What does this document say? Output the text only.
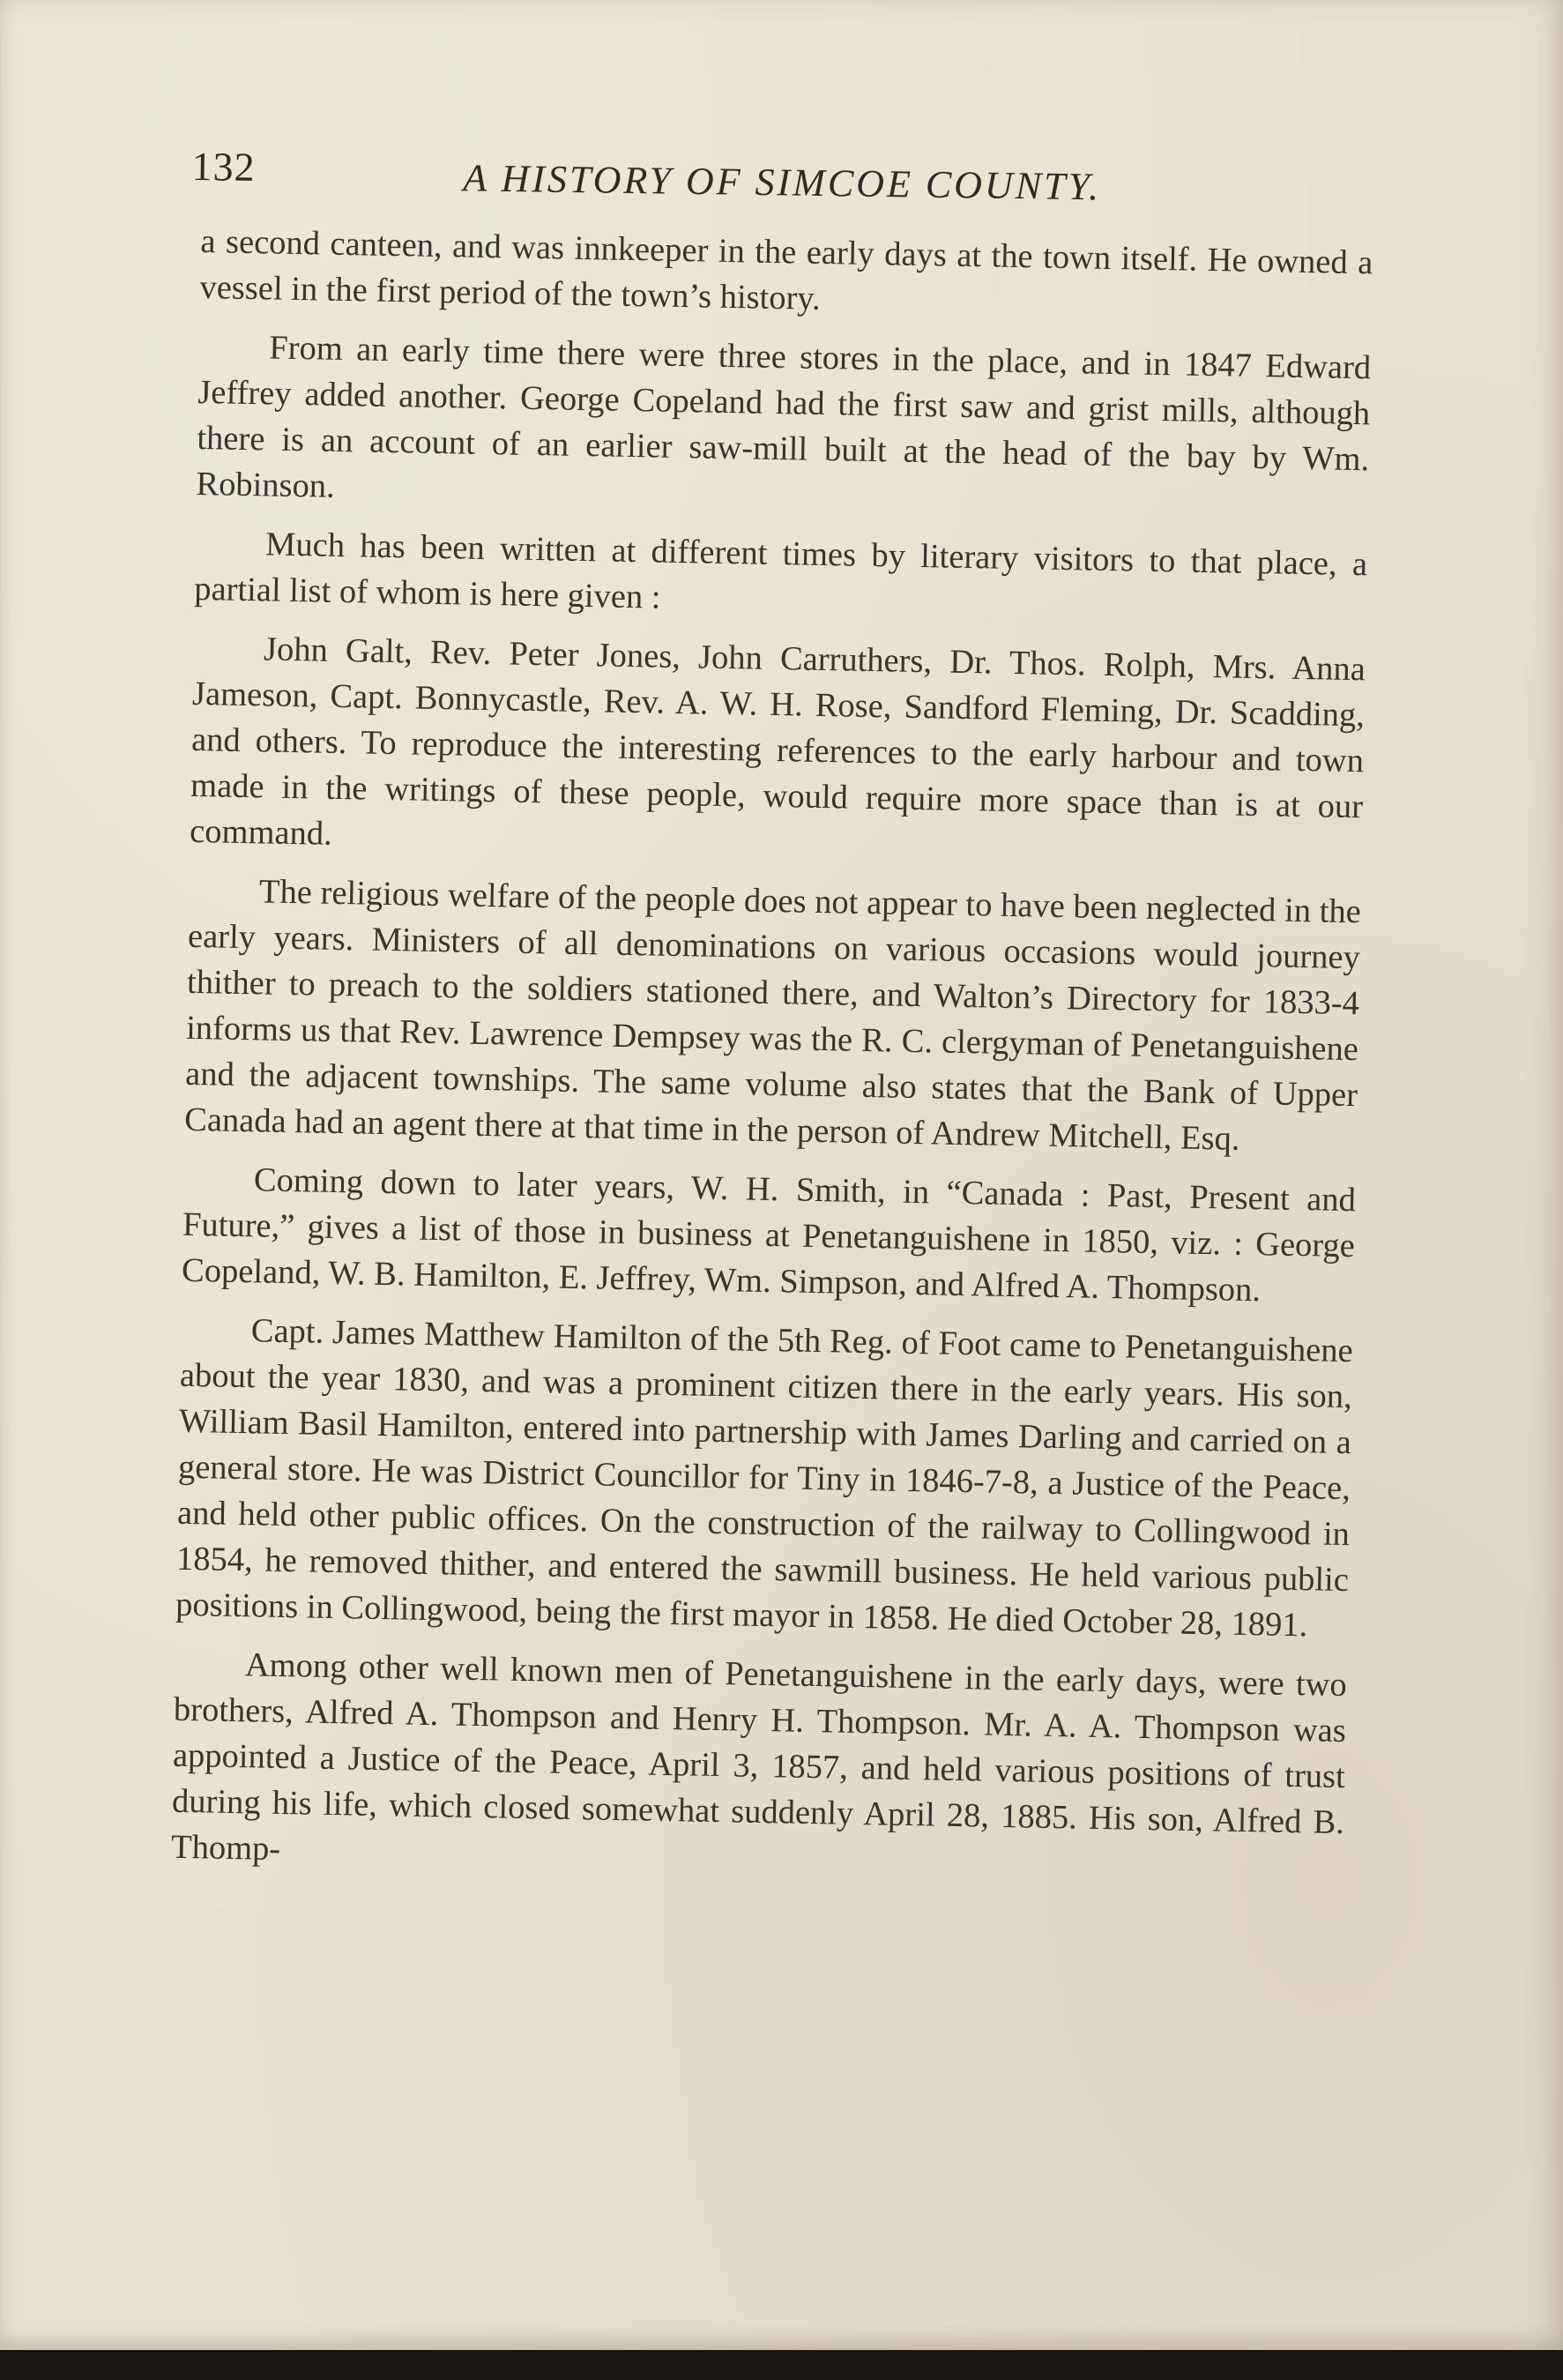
132	A HISTORY OF SIMCOE COUNTY.

a second canteen, and was innkeeper in the early days at the town itself. He owned a vessel in the first period of the town’s history.

From an early time there were three stores in the place, and in 1847 Edward Jeffrey added another. George Copeland had the first saw and grist mills, although there is an account of an earlier saw-mill built at the head of the bay by Wm. Robinson.

Much has been written at different times by literary visitors to that place, a partial list of whom is here given :

John Galt, Rev. Peter Jones, John Carruthers, Dr. Thos. Rolph, Mrs. Anna Jameson, Capt. Bonnycastle, Rev. A. W. H. Rose, Sandford Fleming, Dr. Scadding, and others. To reproduce the interesting references to the early harbour and town made in the writings of these people, would require more space than is at our command.

The religious welfare of the people does not appear to have been neglected in the early years. Ministers of all denominations on various occasions would journey thither to preach to the soldiers stationed there, and Walton’s Directory for 1833-4 informs us that Rev. Lawrence Dempsey was the R. C. clergyman of Penetanguishene and the adjacent townships. The same volume also states that the Bank of Upper Canada had an agent there at that time in the person of Andrew Mitchell, Esq.

Coming down to later years, W. H. Smith, in “Canada : Past, Present and Future,” gives a list of those in business at Penetanguishene in 1850, viz. : George Copeland, W. B. Hamilton, E. Jeffrey, Wm. Simpson, and Alfred A. Thompson.

Capt. James Matthew Hamilton of the 5th Reg. of Foot came to Penetanguishene about the year 1830, and was a prominent citizen there in the early years. His son, William Basil Hamilton, entered into partnership with James Darling and carried on a general store. He was District Councillor for Tiny in 1846-7-8, a Justice of the Peace, and held other public offices. On the construction of the railway to Collingwood in 1854, he removed thither, and entered the sawmill business. He held various public positions in Collingwood, being the first mayor in 1858. He died October 28, 1891.

Among other well known men of Penetanguishene in the early days, were two brothers, Alfred A. Thompson and Henry H. Thompson. Mr. A. A. Thompson was appointed a Justice of the Peace, April 3, 1857, and held various positions of trust during his life, which closed somewhat suddenly April 28, 1885. His son, Alfred B. Thomp-
